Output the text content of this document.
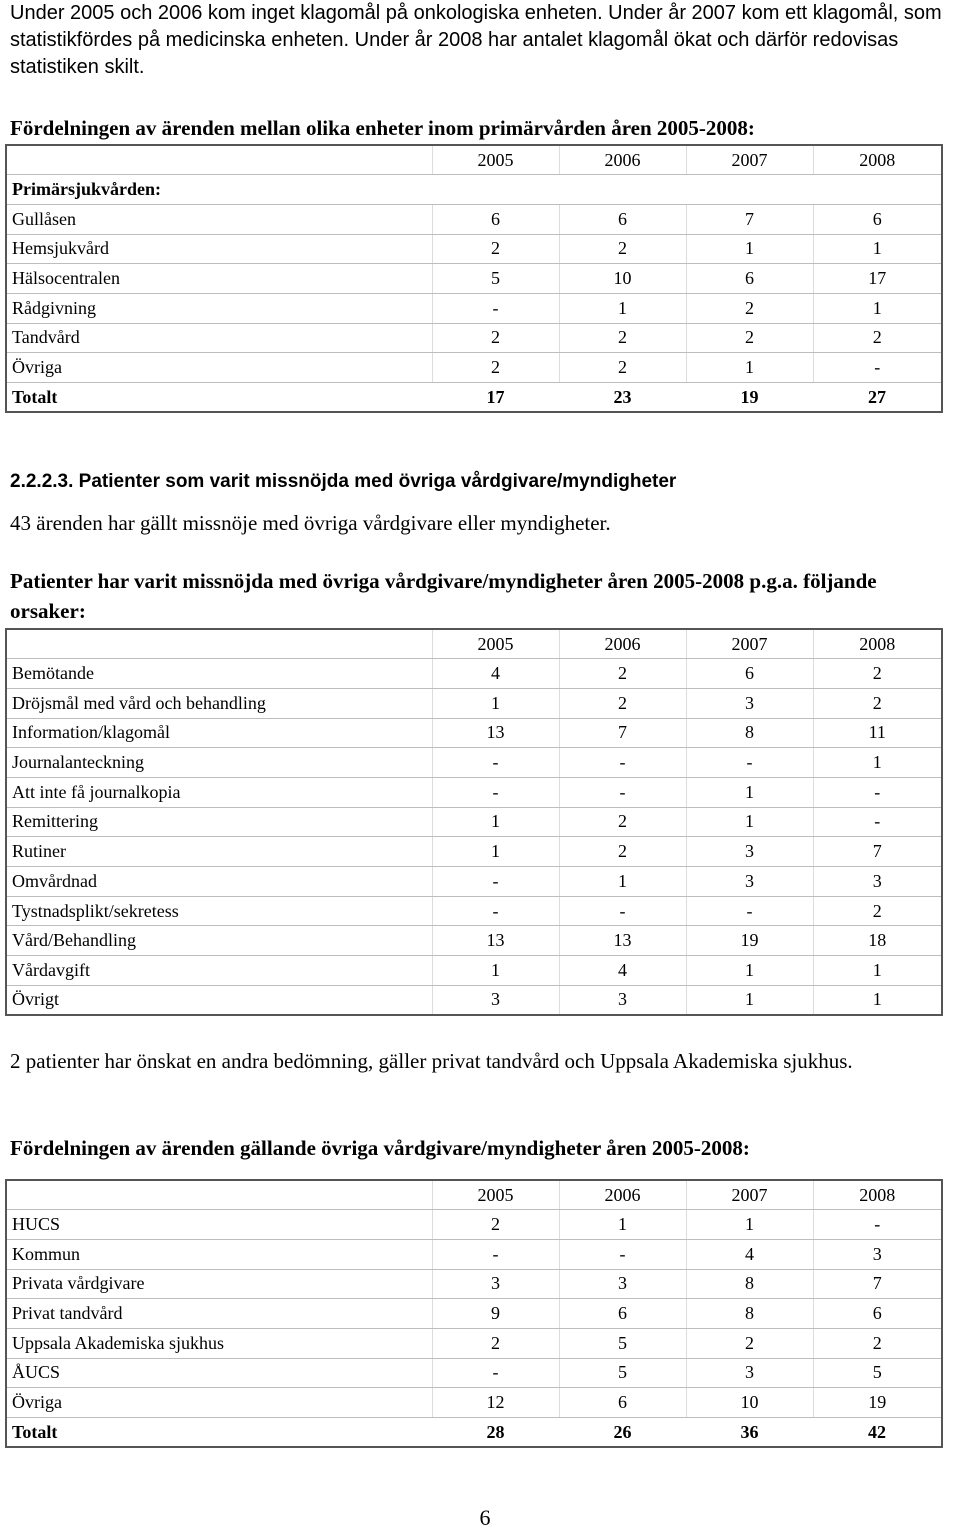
Under 2005 och 2006 kom inget klagomål på onkologiska enheten. Under år 2007 kom ett klagomål, som statistikfördes på medicinska enheten. Under år 2008 har antalet klagomål ökat och därför redovisas statistiken skilt.

Fördelningen av ärenden mellan olika enheter inom primärvården åren 2005-2008:

	2005	2006	2007	2008
Primärsjukvården:				
Gullåsen	6	6	7	6
Hemsjukvård	2	2	1	1
Hälsocentralen	5	10	6	17
Rådgivning	-	1	2	1
Tandvård	2	2	2	2
Övriga	2	2	1	-
Totalt	17	23	19	27

2.2.2.3. Patienter som varit missnöjda med övriga vårdgivare/myndigheter

43 ärenden har gällt missnöje med övriga vårdgivare eller myndigheter.

Patienter har varit missnöjda med övriga vårdgivare/myndigheter åren 2005-2008 p.g.a. följande orsaker:

	2005	2006	2007	2008
Bemötande	4	2	6	2
Dröjsmål med vård och behandling	1	2	3	2
Information/klagomål	13	7	8	11
Journalanteckning	-	-	-	1
Att inte få journalkopia	-	-	1	-
Remittering	1	2	1	-
Rutiner	1	2	3	7
Omvårdnad	-	1	3	3
Tystnadsplikt/sekretess	-	-	-	2
Vård/Behandling	13	13	19	18
Vårdavgift	1	4	1	1
Övrigt	3	3	1	1

2 patienter har önskat en andra bedömning, gäller privat tandvård och Uppsala Akademiska sjukhus.

Fördelningen av ärenden gällande övriga vårdgivare/myndigheter åren 2005-2008:

	2005	2006	2007	2008
HUCS	2	1	1	-
Kommun	-	-	4	3
Privata vårdgivare	3	3	8	7
Privat tandvård	9	6	8	6
Uppsala Akademiska sjukhus	2	5	2	2
ÅUCS	-	5	3	5
Övriga	12	6	10	19
Totalt	28	26	36	42
6
